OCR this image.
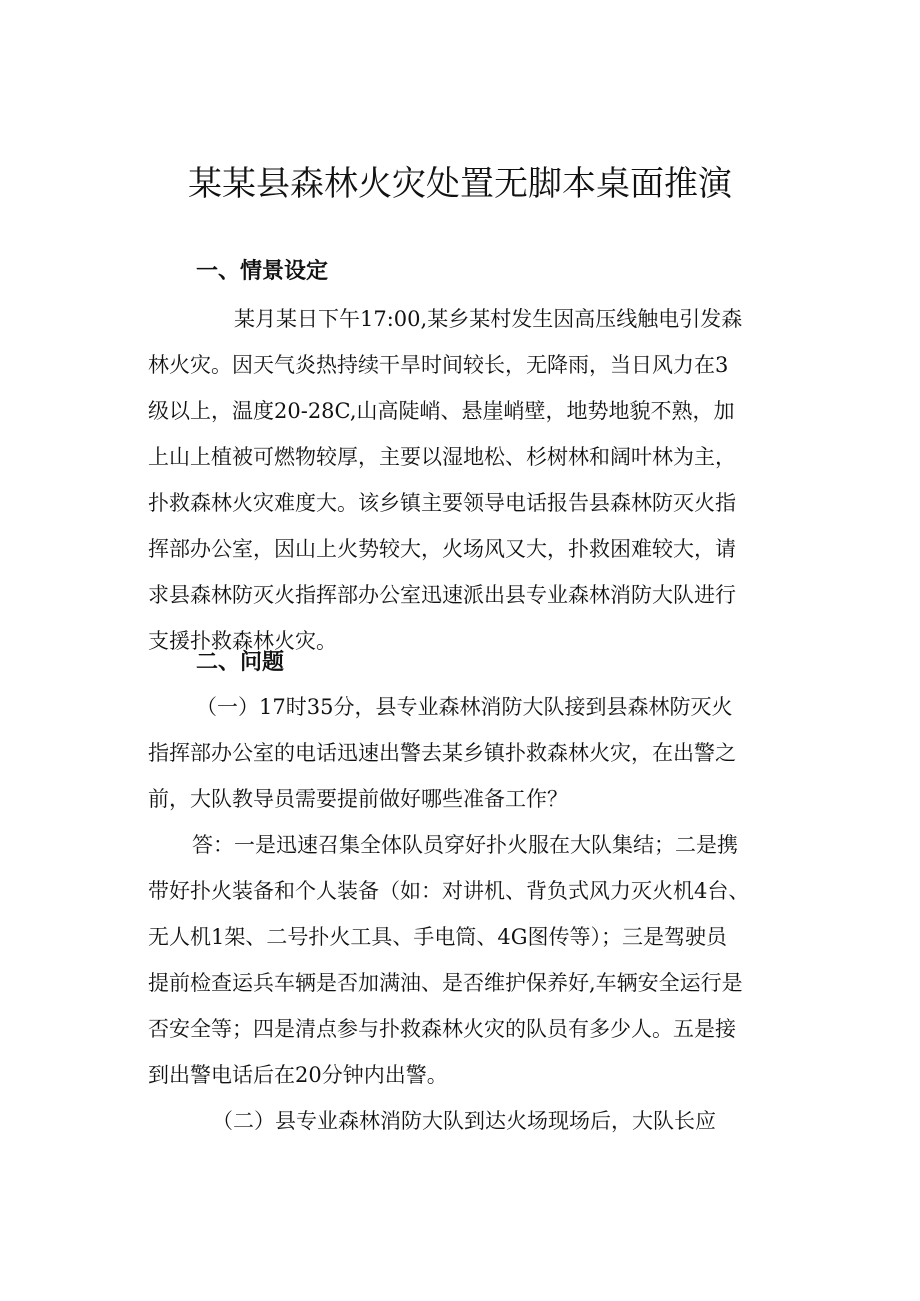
某某县森林火灾处置无脚本桌面推演
一、情景设定
某月某日下午17:00,某乡某村发生因高压线触电引发森
林火灾。因天气炎热持续干旱时间较长，无降雨，当日风力在3
级以上，温度20-28C,山高陡峭、悬崖峭壁，地势地貌不熟，加
上山上植被可燃物较厚，主要以湿地松、杉树林和阔叶林为主，
扑救森林火灾难度大。该乡镇主要领导电话报告县森林防灭火指
挥部办公室，因山上火势较大，火场风又大，扑救困难较大，请
求县森林防灭火指挥部办公室迅速派出县专业森林消防大队进行
支援扑救森林火灾。
二、问题
（一）17时35分，县专业森林消防大队接到县森林防灭火
指挥部办公室的电话迅速出警去某乡镇扑救森林火灾，在出警之
前，大队教导员需要提前做好哪些准备工作？
答：一是迅速召集全体队员穿好扑火服在大队集结；二是携
带好扑火装备和个人装备（如：对讲机、背负式风力灭火机4台、
无人机1架、二号扑火工具、手电筒、4G图传等）；三是驾驶员
提前检查运兵车辆是否加满油、是否维护保养好,车辆安全运行是
否安全等；四是清点参与扑救森林火灾的队员有多少人。五是接
到出警电话后在20分钟内出警。
（二）县专业森林消防大队到达火场现场后，大队长应
